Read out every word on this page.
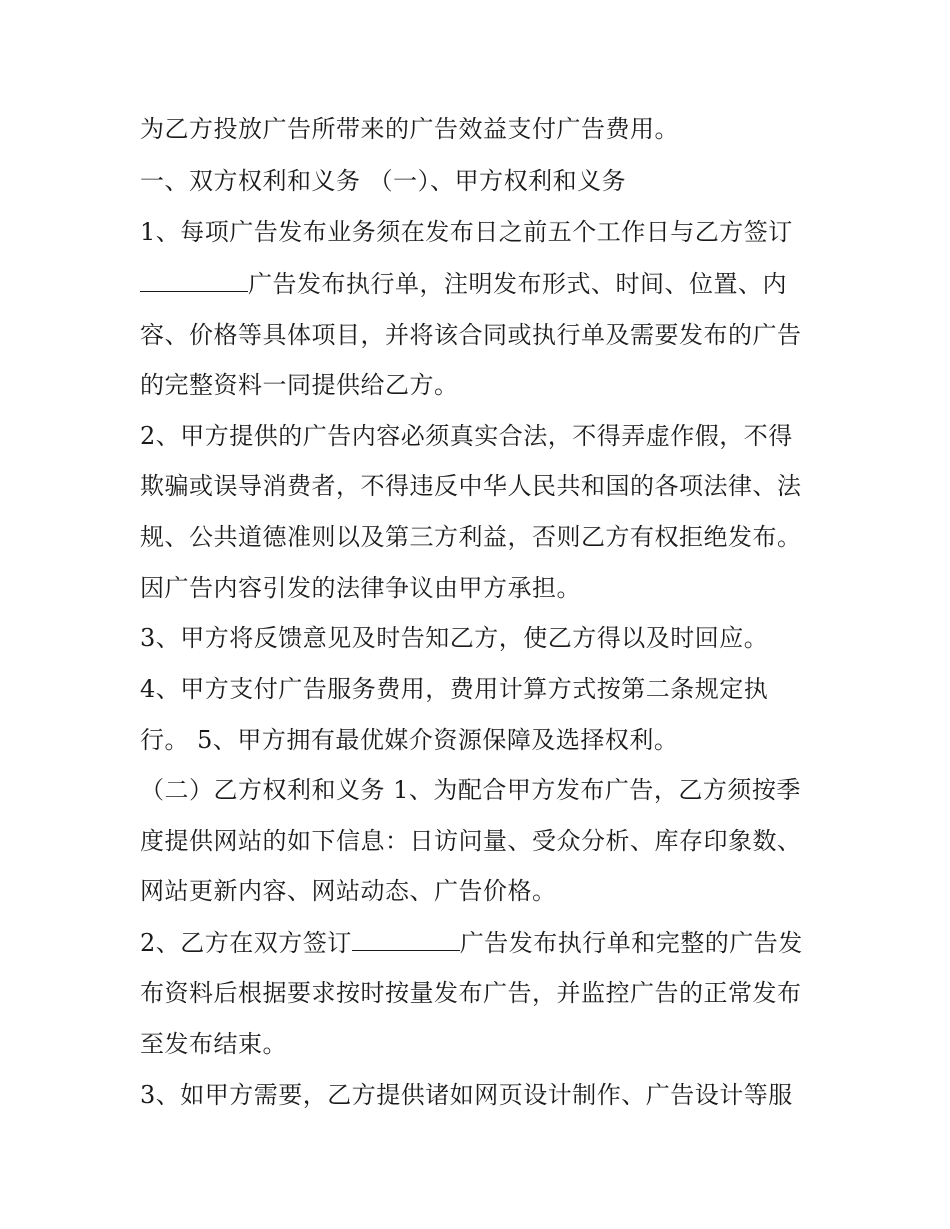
为乙方投放广告所带来的广告效益支付广告费用。

一、双方权利和义务 （一）、甲方权利和义务

1、每项广告发布业务须在发布日之前五个工作日与乙方签订

广告发布执行单，注明发布形式、时间、位置、内

容、价格等具体项目，并将该合同或执行单及需要发布的广告

的完整资料一同提供给乙方。

2、甲方提供的广告内容必须真实合法，不得弄虚作假，不得

欺骗或误导消费者，不得违反中华人民共和国的各项法律、法

规、公共道德准则以及第三方利益，否则乙方有权拒绝发布。

因广告内容引发的法律争议由甲方承担。

3、甲方将反馈意见及时告知乙方，使乙方得以及时回应。

4、甲方支付广告服务费用，费用计算方式按第二条规定执

行。 5、甲方拥有最优媒介资源保障及选择权利。

（二）乙方权利和义务 1、为配合甲方发布广告，乙方须按季

度提供网站的如下信息：日访问量、受众分析、库存印象数、

网站更新内容、网站动态、广告价格。

2、乙方在双方签订	广告发布执行单和完整的广告发

布资料后根据要求按时按量发布广告，并监控广告的正常发布

至发布结束。

3、如甲方需要，乙方提供诸如网页设计制作、广告设计等服
